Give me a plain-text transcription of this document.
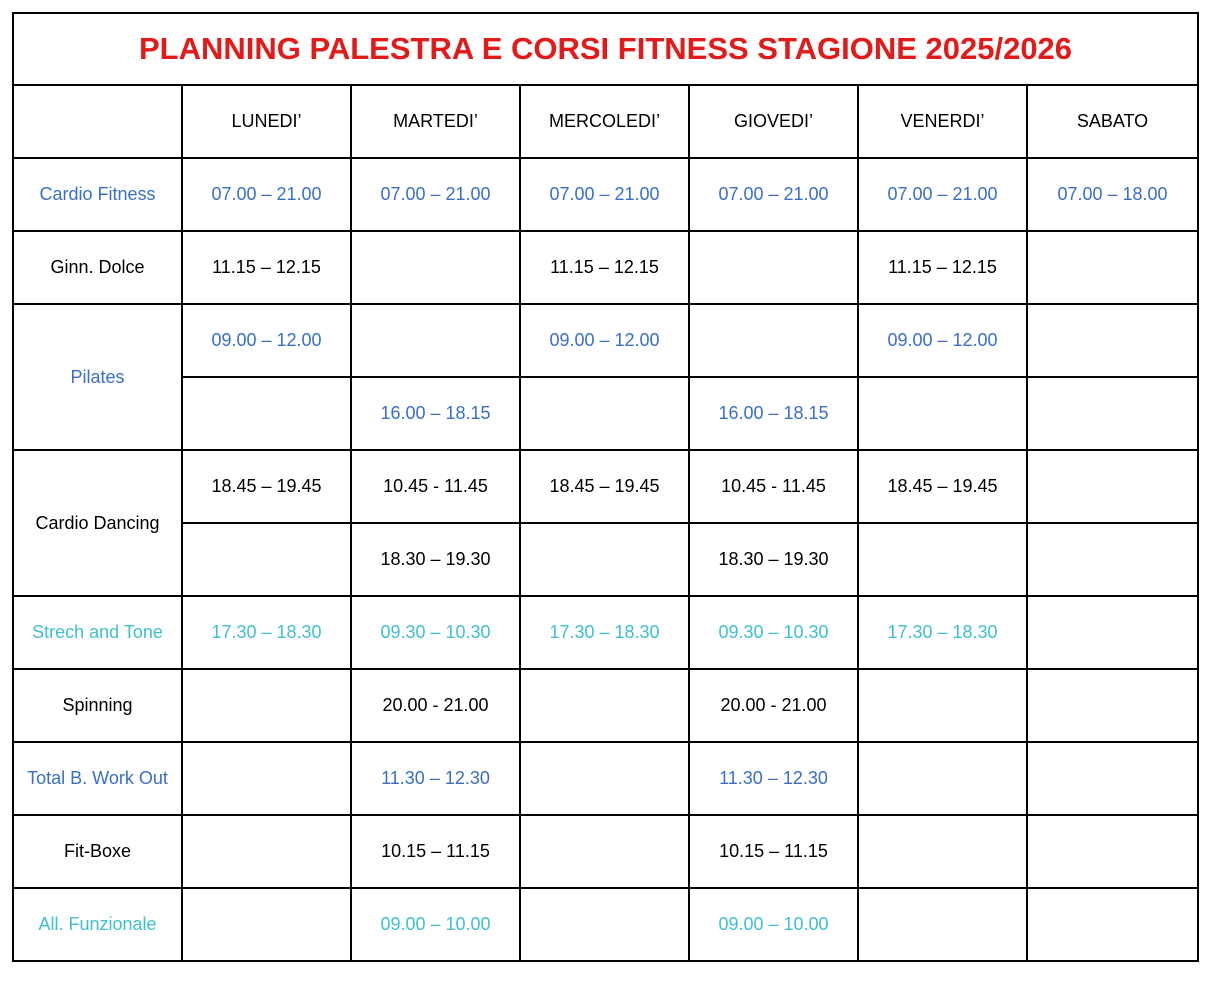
PLANNING PALESTRA E CORSI FITNESS STAGIONE 2025/2026						
	LUNEDI’	MARTEDI’	MERCOLEDI’	GIOVEDI’	VENERDI’	SABATO
Cardio Fitness	07.00 – 21.00	07.00 – 21.00	07.00 – 21.00	07.00 – 21.00	07.00 – 21.00	07.00 – 18.00
Ginn. Dolce	11.15 – 12.15		11.15 – 12.15		11.15 – 12.15	
Pilates	09.00 – 12.00		09.00 – 12.00		09.00 – 12.00	
		16.00 – 18.15		16.00 – 18.15		
Cardio Dancing	18.45 – 19.45	10.45 - 11.45	18.45 – 19.45	10.45 - 11.45	18.45 – 19.45	
		18.30 – 19.30		18.30 – 19.30		
Strech and Tone	17.30 – 18.30	09.30 – 10.30	17.30 – 18.30	09.30 – 10.30	17.30 – 18.30	
Spinning		20.00 - 21.00		20.00 - 21.00		
Total B. Work Out		11.30 – 12.30		11.30 – 12.30		
Fit-Boxe		10.15 – 11.15		10.15 – 11.15		
All. Funzionale		09.00 – 10.00		09.00 – 10.00		
